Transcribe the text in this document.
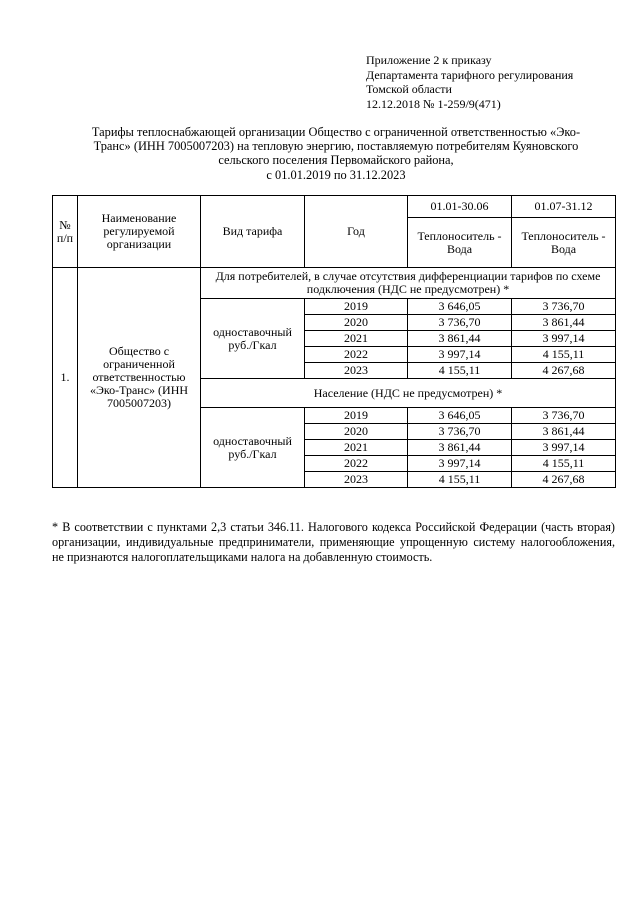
Приложение 2 к приказу
Департамента тарифного регулирования
Томской области
12.12.2018 № 1-259/9(471)
Тарифы теплоснабжающей организации Общество с ограниченной ответственностью «Эко-
Транс» (ИНН 7005007203) на тепловую энергию, поставляемую потребителям Куяновского
сельского поселения Первомайского района,
с 01.01.2019 по 31.12.2023
№ п/п	Наименование регулируемой организации	Вид тарифа	Год	01.01-30.06	01.07-31.12
				Теплоноситель - Вода	Теплоноситель - Вода
1.	Общество с ограниченной ответственностью «Эко-Транс» (ИНН 7005007203)	Для потребителей, в случае отсутствия дифференциации тарифов по схеме подключения (НДС не предусмотрен) *			
		одноставочный руб./Гкал	2019	3 646,05	3 736,70
			2020	3 736,70	3 861,44
			2021	3 861,44	3 997,14
			2022	3 997,14	4 155,11
			2023	4 155,11	4 267,68
		Население (НДС не предусмотрен) *			
		одноставочный руб./Гкал	2019	3 646,05	3 736,70
			2020	3 736,70	3 861,44
			2021	3 861,44	3 997,14
			2022	3 997,14	4 155,11
			2023	4 155,11	4 267,68
* В соответствии с пунктами 2,3 статьи 346.11. Налогового кодекса Российской Федерации (часть вторая) организации, индивидуальные предприниматели, применяющие упрощенную систему налогообложения, не признаются налогоплательщиками налога на добавленную стоимость.
